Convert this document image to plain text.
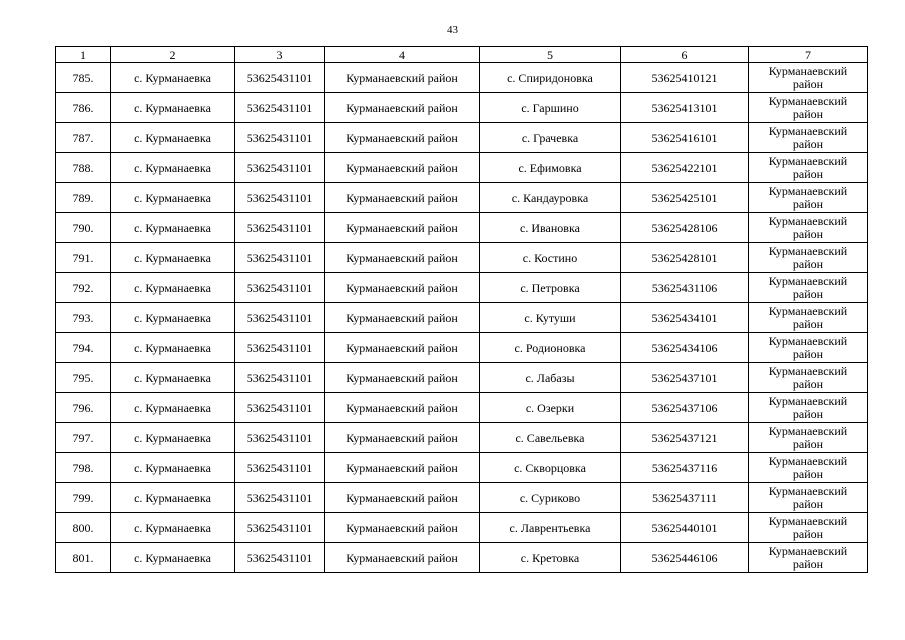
43
1	2	3	4	5	6	7
785.	с. Курманаевка	53625431101	Курманаевский район	с. Спиридоновка	53625410121	Курманаевский
район

786.	с. Курманаевка	53625431101	Курманаевский район	с. Гаршино	53625413101	Курманаевский
район

787.	с. Курманаевка	53625431101	Курманаевский район	с. Грачевка	53625416101	Курманаевский
район

788.	с. Курманаевка	53625431101	Курманаевский район	с. Ефимовка	53625422101	Курманаевский
район

789.	с. Курманаевка	53625431101	Курманаевский район	с. Кандауровка	53625425101	Курманаевский
район

790.	с. Курманаевка	53625431101	Курманаевский район	с. Ивановка	53625428106	Курманаевский
район

791.	с. Курманаевка	53625431101	Курманаевский район	с. Костино	53625428101	Курманаевский
район

792.	с. Курманаевка	53625431101	Курманаевский район	с. Петровка	53625431106	Курманаевский
район

793.	с. Курманаевка	53625431101	Курманаевский район	с. Кутуши	53625434101	Курманаевский
район

794.	с. Курманаевка	53625431101	Курманаевский район	с. Родионовка	53625434106	Курманаевский
район

795.	с. Курманаевка	53625431101	Курманаевский район	с. Лабазы	53625437101	Курманаевский
район

796.	с. Курманаевка	53625431101	Курманаевский район	с. Озерки	53625437106	Курманаевский
район

797.	с. Курманаевка	53625431101	Курманаевский район	с. Савельевка	53625437121	Курманаевский
район

798.	с. Курманаевка	53625431101	Курманаевский район	с. Скворцовка	53625437116	Курманаевский
район

799.	с. Курманаевка	53625431101	Курманаевский район	с. Суриково	53625437111	Курманаевский
район

800.	с. Курманаевка	53625431101	Курманаевский район	с. Лаврентьевка	53625440101	Курманаевский
район

801.	с. Курманаевка	53625431101	Курманаевский район	с. Кретовка	53625446106	Курманаевский
район
